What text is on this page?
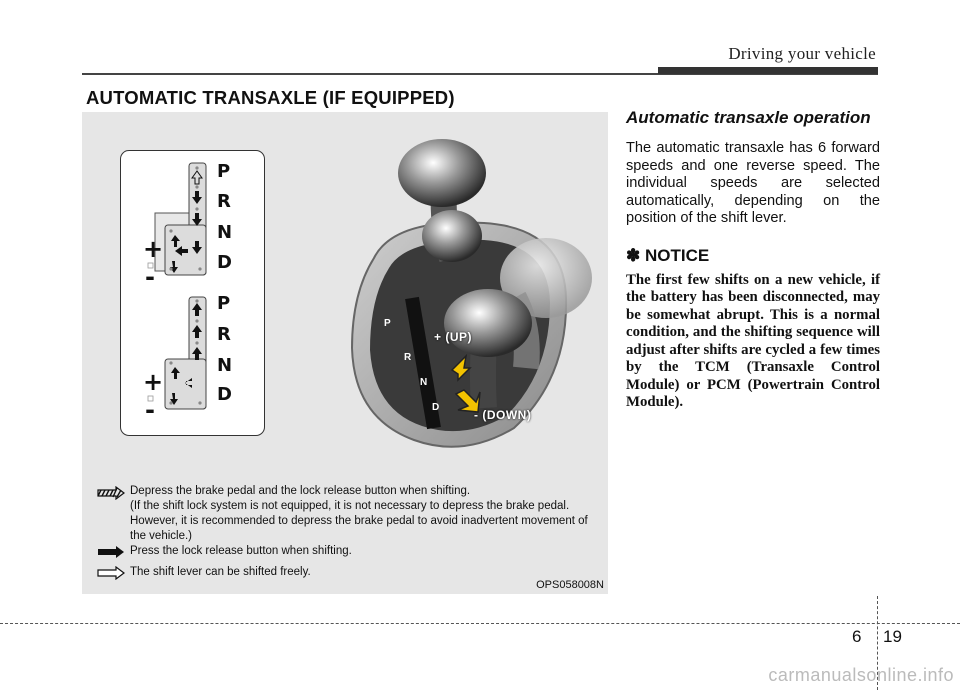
Driving your vehicle
AUTOMATIC TRANSAXLE (IF EQUIPPED)
P
R
N
D
+
-
P
R
N
D
+
-
+ (UP)
- (DOWN)
P
R
N
D
Depress the brake pedal and the lock release button when shifting.
(If the shift lock system is not equipped, it is not necessary to depress the brake pedal. However, it is recommended to depress the brake pedal to avoid inadvertent movement of the vehicle.)
Press the lock release button when shifting.
The shift lever can be shifted freely.
OPS058008N

Automatic transaxle operation

The automatic transaxle has 6 forward speeds and one reverse speed. The individual speeds are selected automatically, depending on the position of the shift lever.

✽ NOTICE

The first few shifts on a new vehicle, if the battery has been disconnected, may be somewhat abrupt. This is a normal condition, and the shifting sequence will adjust after shifts are cycled a few times by the TCM (Transaxle Control Module) or PCM (Powertrain Control Module).

6 19
carmanualsonline.info
